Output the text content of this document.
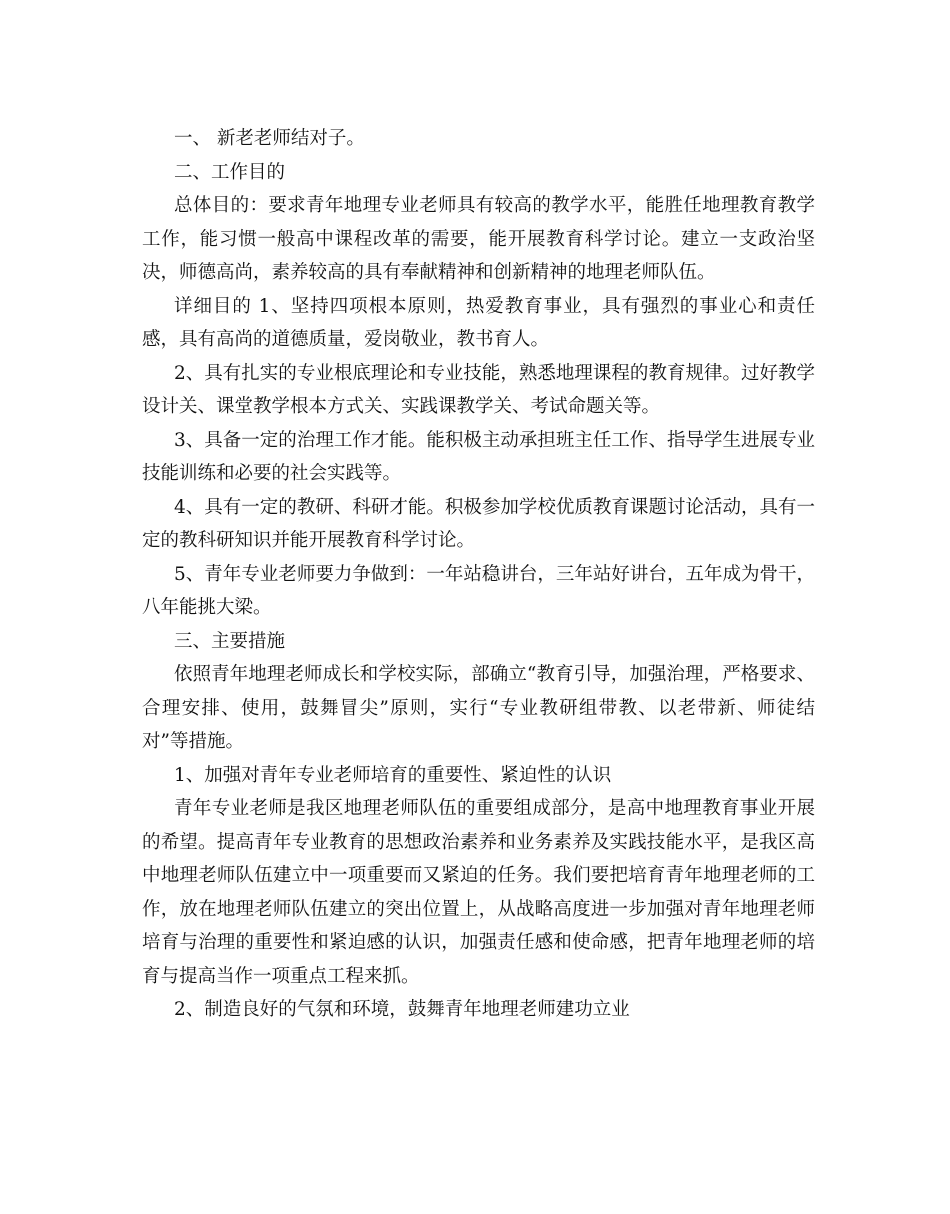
一、 新老老师结对子。

二、工作目的

总体目的：要求青年地理专业老师具有较高的教学水平，能胜任地理教育教学工作，能习惯一般高中课程改革的需要，能开展教育科学讨论。建立一支政治坚决，师德高尚，素养较高的具有奉献精神和创新精神的地理老师队伍。

详细目的 1、坚持四项根本原则，热爱教育事业，具有强烈的事业心和责任感，具有高尚的道德质量，爱岗敬业，教书育人。

2、具有扎实的专业根底理论和专业技能，熟悉地理课程的教育规律。过好教学设计关、课堂教学根本方式关、实践课教学关、考试命题关等。

3、具备一定的治理工作才能。能积极主动承担班主任工作、指导学生进展专业技能训练和必要的社会实践等。

4、具有一定的教研、科研才能。积极参加学校优质教育课题讨论活动，具有一定的教科研知识并能开展教育科学讨论。

5、青年专业老师要力争做到：一年站稳讲台，三年站好讲台，五年成为骨干，八年能挑大梁。

三、主要措施

依照青年地理老师成长和学校实际，部确立“教育引导，加强治理，严格要求、合理安排、使用，鼓舞冒尖”原则，实行“专业教研组带教、以老带新、师徒结对”等措施。

1、加强对青年专业老师培育的重要性、紧迫性的认识

青年专业老师是我区地理老师队伍的重要组成部分，是高中地理教育事业开展的希望。提高青年专业教育的思想政治素养和业务素养及实践技能水平，是我区高中地理老师队伍建立中一项重要而又紧迫的任务。我们要把培育青年地理老师的工作，放在地理老师队伍建立的突出位置上，从战略高度进一步加强对青年地理老师培育与治理的重要性和紧迫感的认识，加强责任感和使命感，把青年地理老师的培育与提高当作一项重点工程来抓。

2、制造良好的气氛和环境，鼓舞青年地理老师建功立业
